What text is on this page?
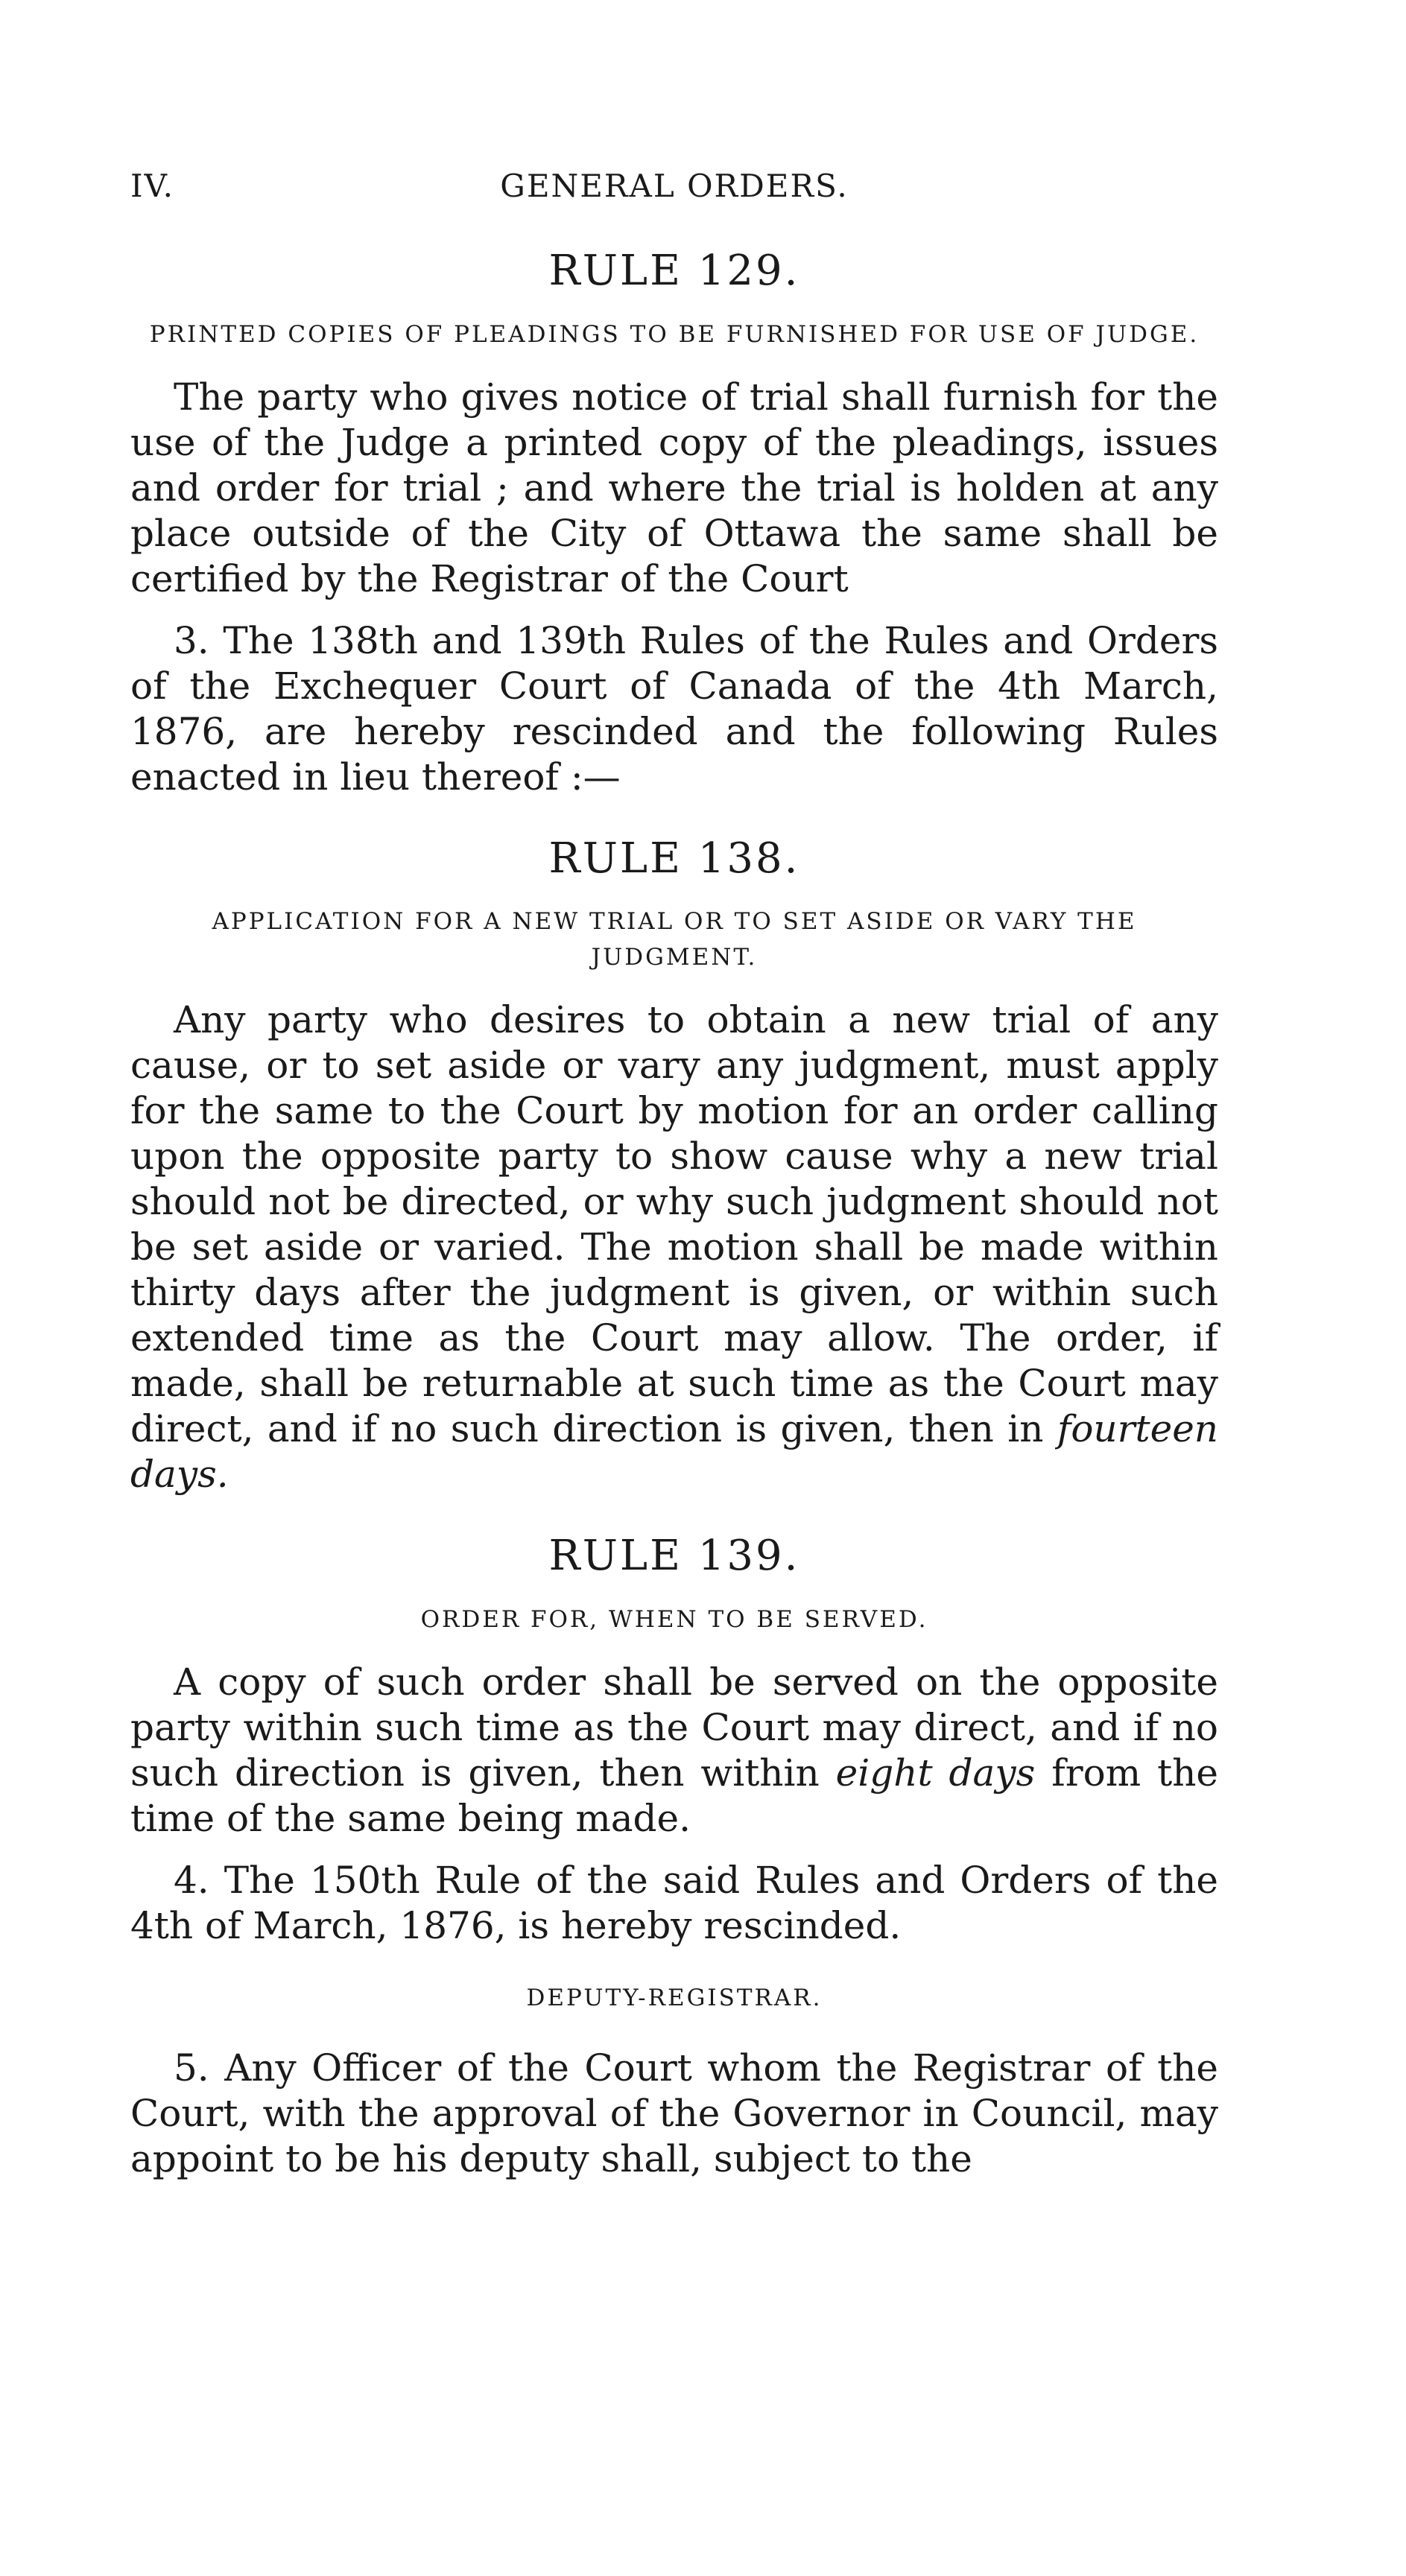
IV.	GENERAL ORDERS.
RULE 129.
PRINTED COPIES OF PLEADINGS TO BE FURNISHED FOR USE OF JUDGE.

The party who gives notice of trial shall furnish for the use of the Judge a printed copy of the pleadings, issues and order for trial ; and where the trial is holden at any place outside of the City of Ottawa the same shall be certified by the Registrar of the Court

3. The 138th and 139th Rules of the Rules and Orders of the Exchequer Court of Canada of the 4th March, 1876, are hereby rescinded and the following Rules enacted in lieu thereof :—

RULE 138.
APPLICATION FOR A NEW TRIAL OR TO SET ASIDE OR VARY THE JUDGMENT.

Any party who desires to obtain a new trial of any cause, or to set aside or vary any judgment, must apply for the same to the Court by motion for an order calling upon the opposite party to show cause why a new trial should not be directed, or why such judgment should not be set aside or varied. The motion shall be made within thirty days after the judgment is given, or within such extended time as the Court may allow. The order, if made, shall be returnable at such time as the Court may direct, and if no such direction is given, then in fourteen days.

RULE 139.
ORDER FOR, WHEN TO BE SERVED.

A copy of such order shall be served on the opposite party within such time as the Court may direct, and if no such direction is given, then within eight days from the time of the same being made.

4. The 150th Rule of the said Rules and Orders of the 4th of March, 1876, is hereby rescinded.

DEPUTY-REGISTRAR.

5. Any Officer of the Court whom the Registrar of the Court, with the approval of the Governor in Council, may appoint to be his deputy shall, subject to the
